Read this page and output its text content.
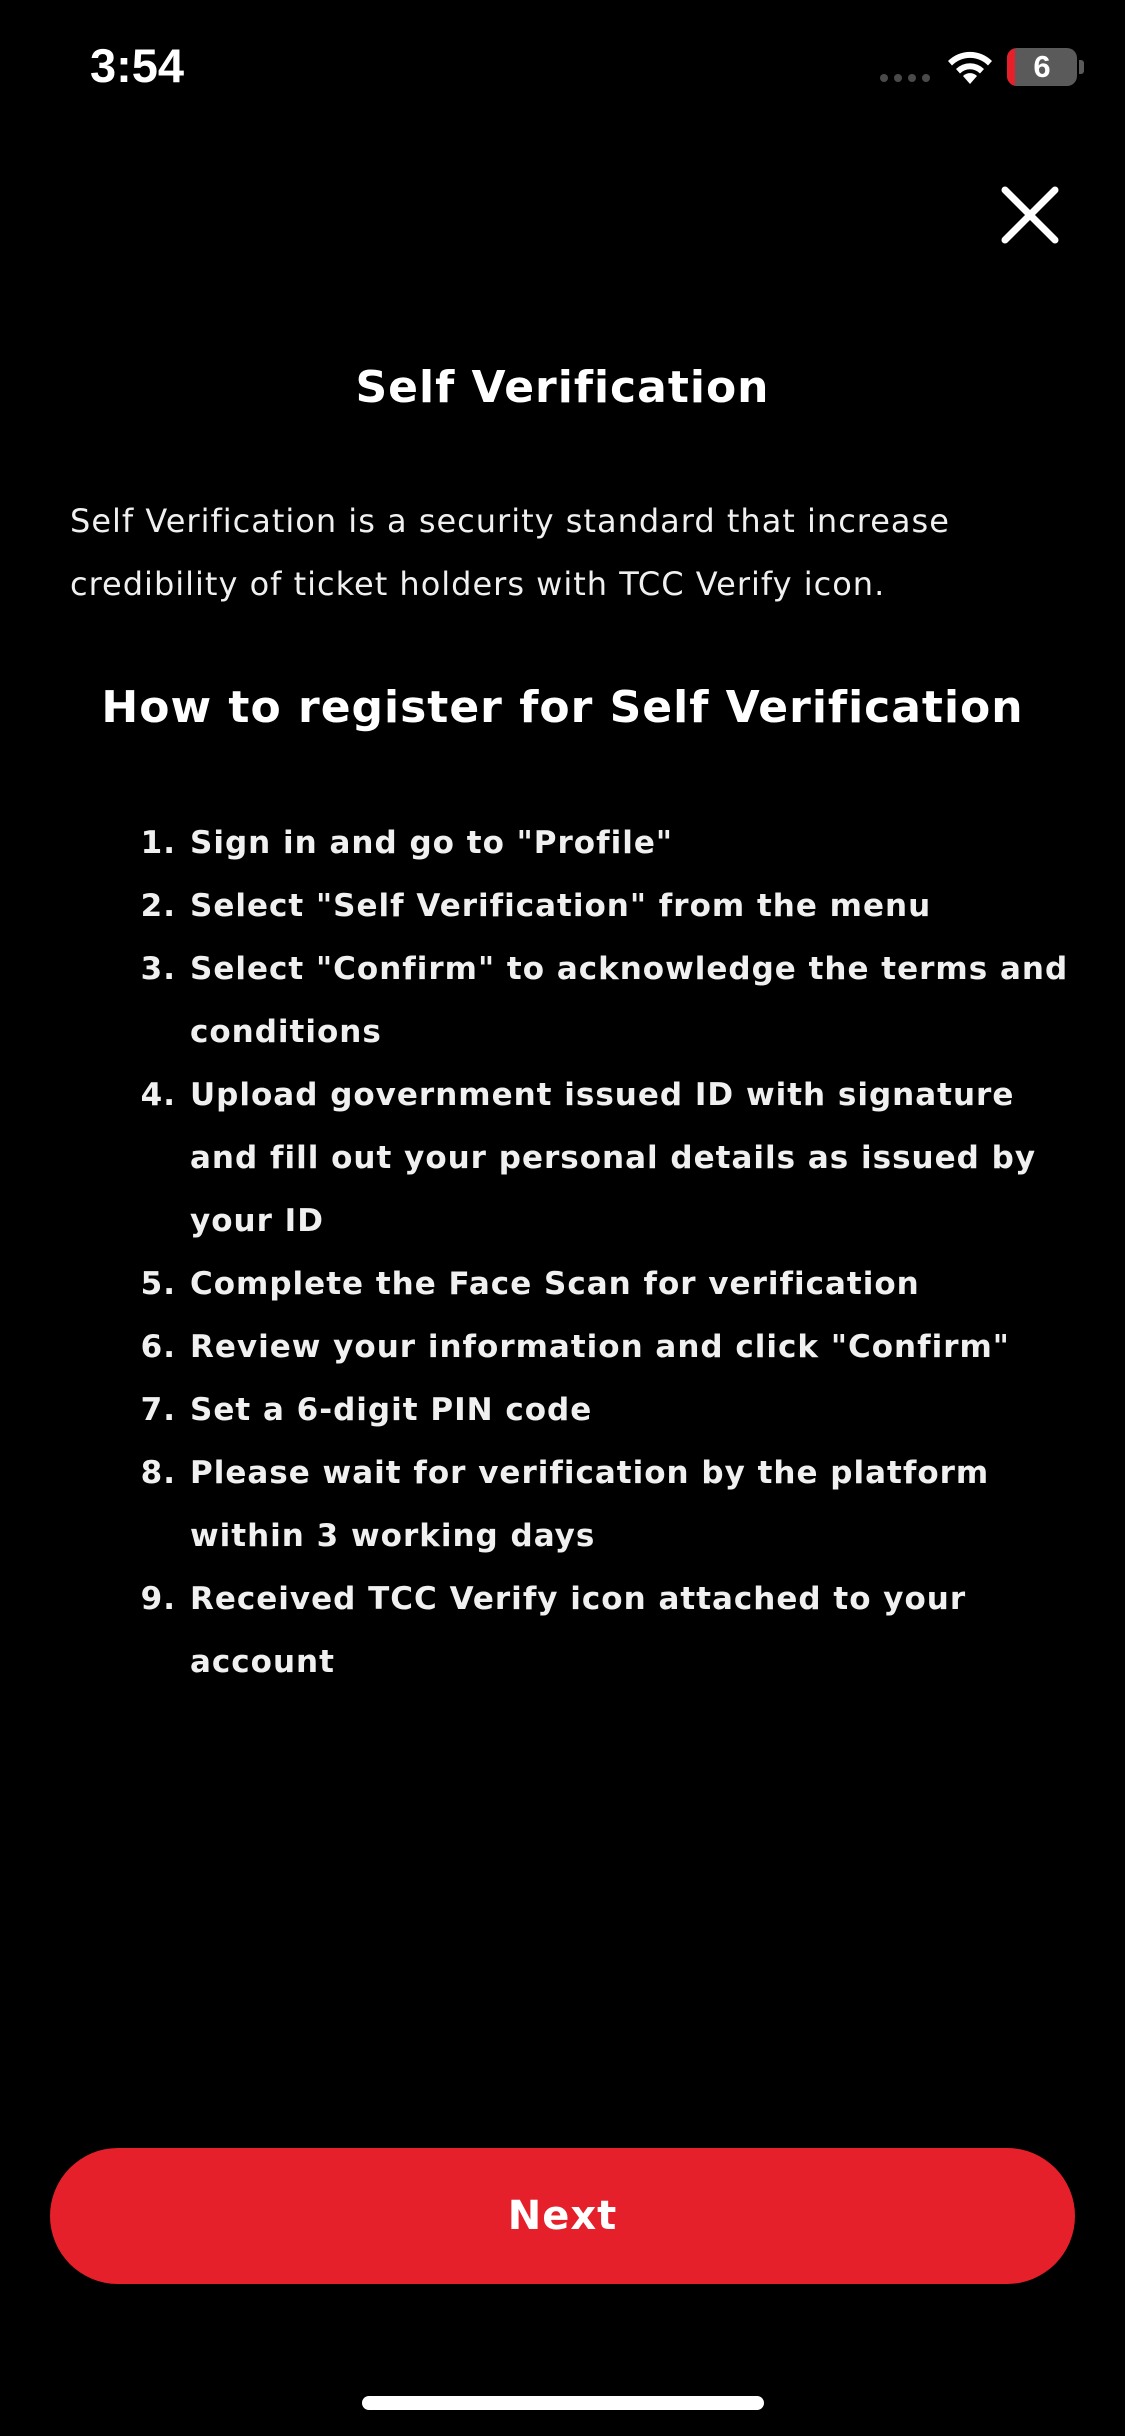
3:54	6
Self Verification
Self Verification is a security standard that increase credibility of ticket holders with TCC Verify icon.
How to register for Self Verification
1. Sign in and go to "Profile"
2. Select "Self Verification" from the menu
3. Select "Confirm" to acknowledge the terms and conditions
4. Upload government issued ID with signature and fill out your personal details as issued by your ID
5. Complete the Face Scan for verification
6. Review your information and click "Confirm"
7. Set a 6-digit PIN code
8. Please wait for verification by the platform within 3 working days
9. Received TCC Verify icon attached to your account
Next
